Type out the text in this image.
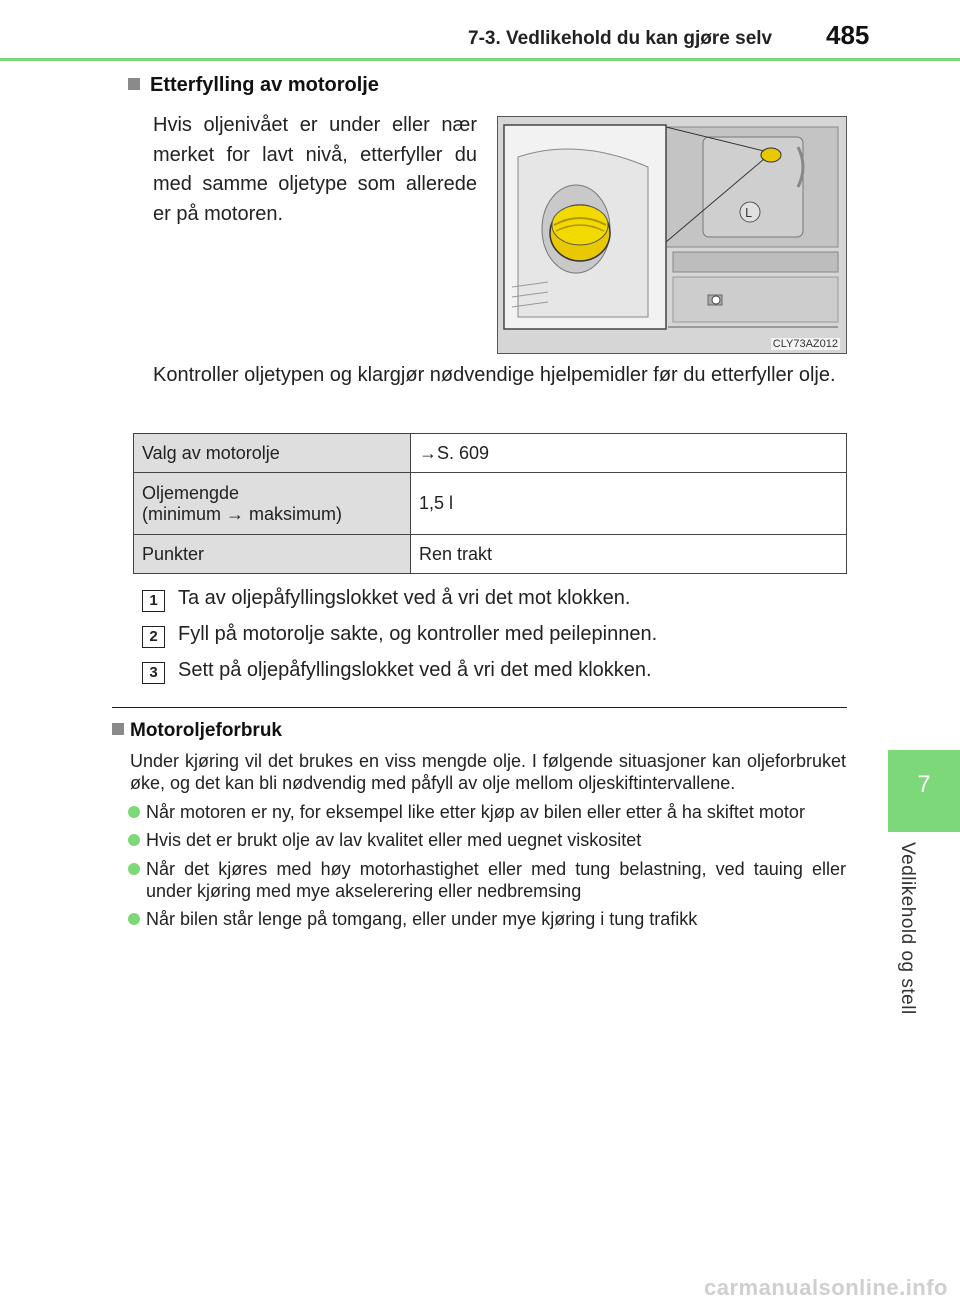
7-3. Vedlikehold du kan gjøre selv 485
7
Vedlikehold og stell
Etterfylling av motorolje
Hvis oljenivået er under eller nær merket for lavt nivå, etterfyller du med samme oljetype som allerede er på motoren.	L
CLY73AZ012
Kontroller oljetypen og klargjør nødvendige hjelpemidler før du etterfyller olje.
Valg av motorolje	→S. 609
Oljemengde
(minimum → maksimum)	1,5 l
Punkter	Ren trakt
1	Ta av oljepåfyllingslokket ved å vri det mot klokken.
2	Fyll på motorolje sakte, og kontroller med peilepinnen.
3	Sett på oljepåfyllingslokket ved å vri det med klokken.
Motoroljeforbruk
Under kjøring vil det brukes en viss mengde olje. I følgende situasjoner kan oljeforbruket øke, og det kan bli nødvendig med påfyll av olje mellom oljeskiftintervallene.
Når motoren er ny, for eksempel like etter kjøp av bilen eller etter å ha skiftet motor
Hvis det er brukt olje av lav kvalitet eller med uegnet viskositet
Når det kjøres med høy motorhastighet eller med tung belastning, ved tauing eller under kjøring med mye akselerering eller nedbremsing
Når bilen står lenge på tomgang, eller under mye kjøring i tung trafikk
carmanualsonline.info
